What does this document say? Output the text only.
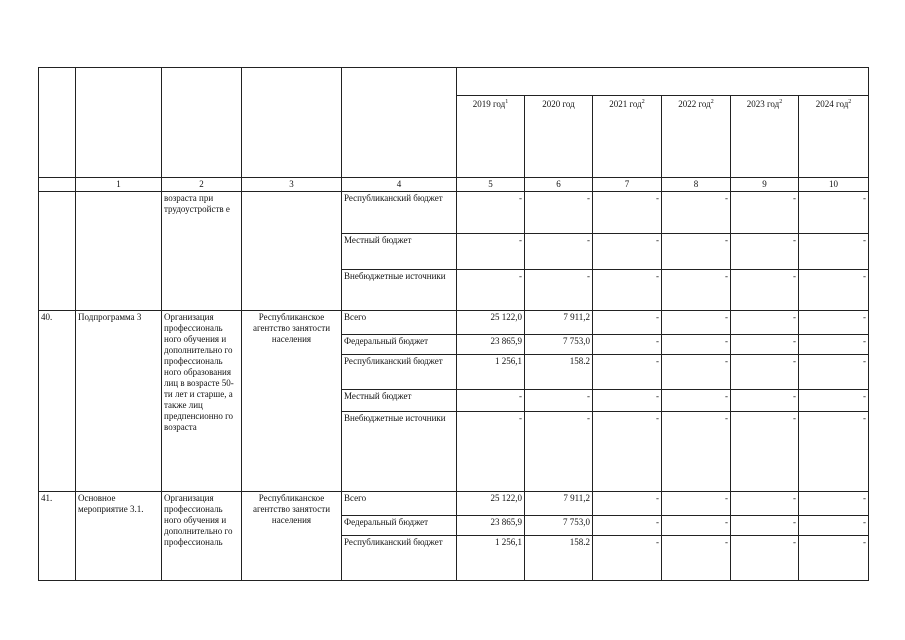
					2019 год$^1$	2020 год	2021 год$^2$	2022 год$^2$	2023 год$^2$	2024 год$^2$
	1	2	3	4	5	6	7	8	9	10
		возраста при трудоустройств е		Республиканский бюджет	-	-	-	-	-	-
				Местный бюджет	-	-	-	-	-	-
				Внебюджетные источники	-	-	-	-	-	-
40.	Подпрограмма 3	Организация профессиональ ного обучения и дополнительно го профессиональ ного образования лиц в возрасте 50-ти лет и старше, а также лиц предпенсионно го возраста	Республиканское агентство занятости населения	Всего	25 122,0	7 911,2	-	-	-	-
				Федеральный бюджет	23 865,9	7 753,0	-	-	-	-
				Республиканский бюджет	1 256,1	158.2	-	-	-	-
				Местный бюджет	-	-	-	-	-	-
				Внебюджетные источники	-	-	-	-	-	-
41.	Основное мероприятие 3.1.	Организация профессиональ ного обучения и дополнительно го профессиональ	Республиканское агентство занятости населения	Всего	25 122,0	7 911,2	-	-	-	-
				Федеральный бюджет	23 865,9	7 753,0	-	-	-	-
				Республиканский бюджет	1 256,1	158.2	-	-	-	-
